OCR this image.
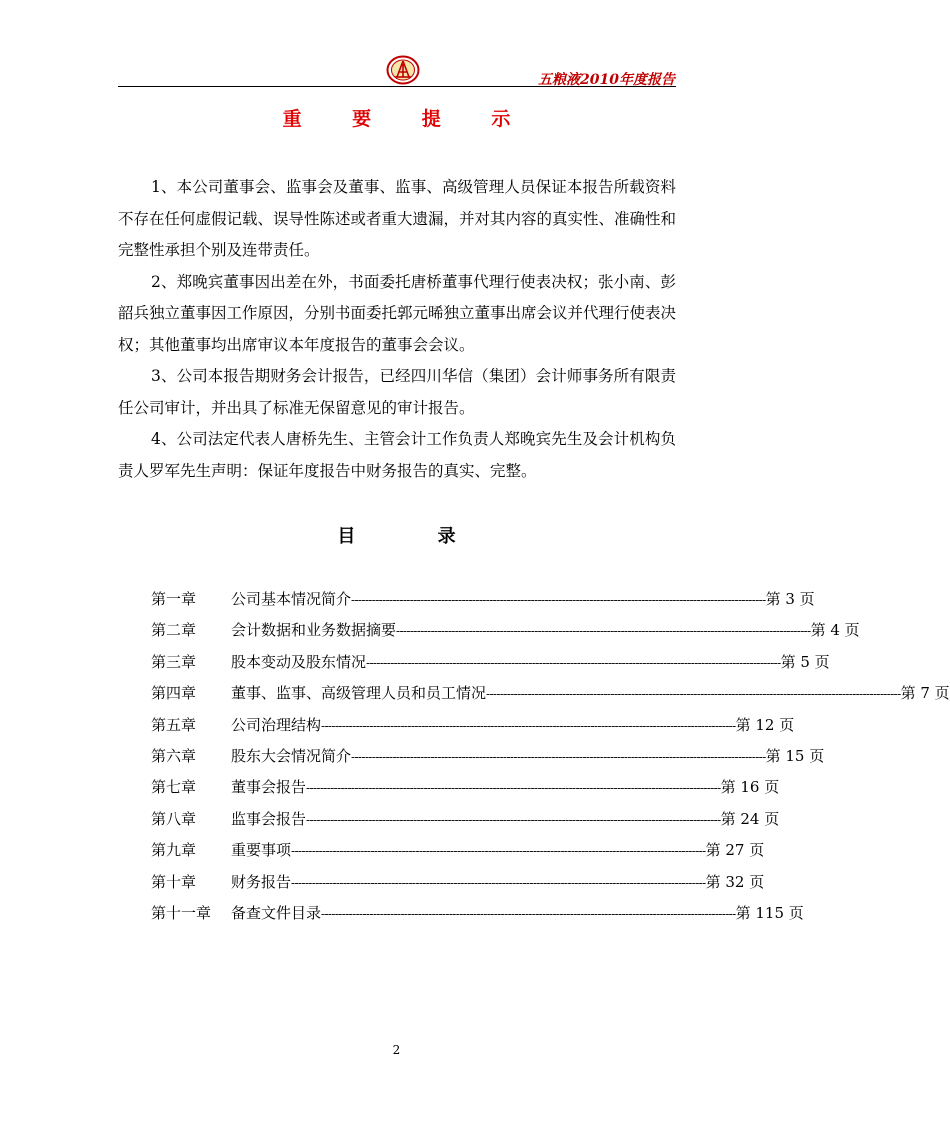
五粮液2010年度报告
重 要 提 示

1、本公司董事会、监事会及董事、监事、高级管理人员保证本报告所载资料不存在任何虚假记载、误导性陈述或者重大遗漏，并对其内容的真实性、准确性和完整性承担个别及连带责任。

2、郑晚宾董事因出差在外，书面委托唐桥董事代理行使表决权；张小南、彭韶兵独立董事因工作原因，分别书面委托郭元晞独立董事出席会议并代理行使表决权；其他董事均出席审议本年度报告的董事会会议。

3、公司本报告期财务会计报告，已经四川华信（集团）会计师事务所有限责任公司审计，并出具了标准无保留意见的审计报告。

4、公司法定代表人唐桥先生、主管会计工作负责人郑晚宾先生及会计机构负责人罗军先生声明：保证年度报告中财务报告的真实、完整。

目 录
第一章	公司基本情况简介 ------------------------------------------------------------------------------------------------------------------------ 第 3 页
第二章	会计数据和业务数据摘要 ------------------------------------------------------------------------------------------------------------------------ 第 4 页
第三章	股本变动及股东情况 ------------------------------------------------------------------------------------------------------------------------ 第 5 页
第四章	董事、监事、高级管理人员和员工情况 ------------------------------------------------------------------------------------------------------------------------ 第 7 页
第五章	公司治理结构 ------------------------------------------------------------------------------------------------------------------------ 第 12 页
第六章	股东大会情况简介 ------------------------------------------------------------------------------------------------------------------------ 第 15 页
第七章	董事会报告 ------------------------------------------------------------------------------------------------------------------------ 第 16 页
第八章	监事会报告 ------------------------------------------------------------------------------------------------------------------------ 第 24 页
第九章	重要事项 ------------------------------------------------------------------------------------------------------------------------ 第 27 页
第十章	财务报告 ------------------------------------------------------------------------------------------------------------------------ 第 32 页
第十一章	备查文件目录 ------------------------------------------------------------------------------------------------------------------------ 第 115 页
2
